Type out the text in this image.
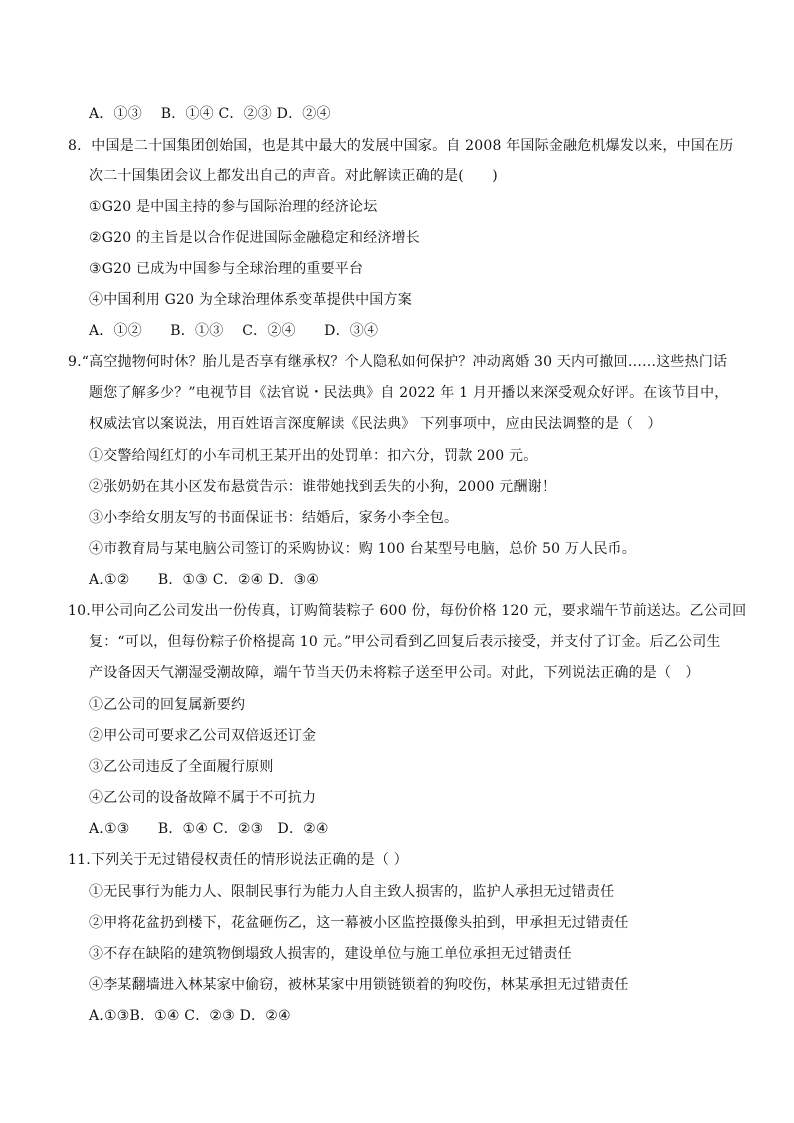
A．①③　 B．①④ C．②③ D．②④
8．中国是二十国集团创始国，也是其中最大的发展中国家。自 2008 年国际金融危机爆发以来，中国在历
次二十国集团会议上都发出自己的声音。对此解读正确的是(　　)
①G20 是中国主持的参与国际治理的经济论坛
②G20 的主旨是以合作促进国际金融稳定和经济增长
③G20 已成为中国参与全球治理的重要平台
④中国利用 G20 为全球治理体系变革提供中国方案
A．①②　　B．①③　 C．②④　　D．③④
9.“高空抛物何时休？胎儿是否享有继承权？个人隐私如何保护？冲动离婚 30 天内可撤回……这些热门话
题您了解多少？”电视节目《法官说・民法典》自 2022 年 1 月开播以来深受观众好评。在该节目中，
权威法官以案说法，用百姓语言深度解读《民法典》 下列事项中，应由民法调整的是（　）
①交警给闯红灯的小车司机王某开出的处罚单：扣六分，罚款 200 元。
②张奶奶在其小区发布悬赏告示：谁带她找到丢失的小狗，2000 元酬谢！
③小李给女朋友写的书面保证书：结婚后，家务小李全包。
④市教育局与某电脑公司签订的采购协议：购 100 台某型号电脑，总价 50 万人民币。
A.①②　　B．①③ C．②④ D．③④
10.甲公司向乙公司发出一份传真，订购简装粽子 600 份，每份价格 120 元，要求端午节前送达。乙公司回
复：“可以，但每份粽子价格提高 10 元。”甲公司看到乙回复后表示接受，并支付了订金。后乙公司生
产设备因天气潮湿受潮故障，端午节当天仍未将粽子送至甲公司。对此，下列说法正确的是（　）
①乙公司的回复属新要约
②甲公司可要求乙公司双倍返还订金
③乙公司违反了全面履行原则
④乙公司的设备故障不属于不可抗力
A.①③　　B．①④ C．②③　D．②④
11.下列关于无过错侵权责任的情形说法正确的是（ ）
①无民事行为能力人、限制民事行为能力人自主致人损害的，监护人承担无过错责任
②甲将花盆扔到楼下，花盆砸伤乙，这一幕被小区监控摄像头拍到，甲承担无过错责任
③不存在缺陷的建筑物倒塌致人损害的，建设单位与施工单位承担无过错责任
④李某翻墙进入林某家中偷窃，被林某家中用锁链锁着的狗咬伤，林某承担无过错责任
A.①③B．①④ C．②③ D．②④
